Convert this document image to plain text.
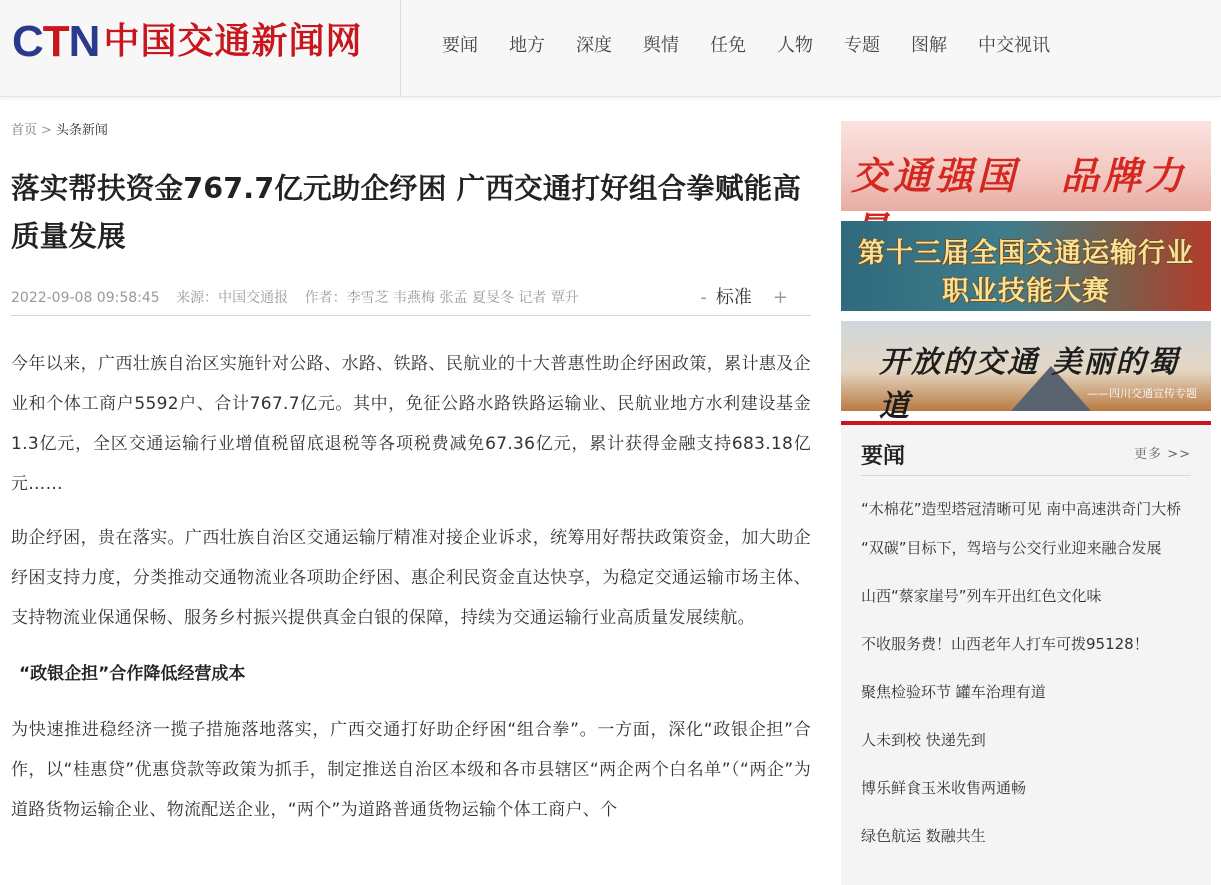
CTN 中国交通新闻网	要闻 地方 深度 舆情 任免 人物 专题 图解 中交视讯
首页 > 头条新闻
落实帮扶资金767.7亿元助企纾困 广西交通打好组合拳赋能高质量发展
2022-09-08 09:58:45 来源：中国交通报 作者：李雪芝 韦燕梅 张孟 夏旻冬 记者 覃升	- 标准 +

今年以来，广西壮族自治区实施针对公路、水路、铁路、民航业的十大普惠性助企纾困政策，累计惠及企业和个体工商户5592户、合计767.7亿元。其中，免征公路水路铁路运输业、民航业地方水利建设基金1.3亿元，全区交通运输行业增值税留底退税等各项税费减免67.36亿元，累计获得金融支持683.18亿元……

助企纾困，贵在落实。广西壮族自治区交通运输厅精准对接企业诉求，统筹用好帮扶政策资金，加大助企纾困支持力度，分类推动交通物流业各项助企纾困、惠企利民资金直达快享，为稳定交通运输市场主体、支持物流业保通保畅、服务乡村振兴提供真金白银的保障，持续为交通运输行业高质量发展续航。

“政银企担”合作降低经营成本

为快速推进稳经济一揽子措施落地落实，广西交通打好助企纾困“组合拳”。一方面，深化“政银企担”合作，以“桂惠贷”优惠贷款等政策为抓手，制定推送自治区本级和各市县辖区“两企两个白名单”（“两企”为道路货物运输企业、物流配送企业，“两个”为道路普通货物运输个体工商户、个

交通强国　品牌力
第十三届全国交通运输行业
职业技能大赛
开放的交通 美丽的蜀道	——四川交通宣传专题
要闻	更多 >>
“木棉花”造型塔冠清晰可见 南中高速洪奇门大桥
“双碳”目标下，驾培与公交行业迎来融合发展
山西“蔡家崖号”列车开出红色文化味
不收服务费！山西老年人打车可拨95128！
聚焦检验环节 罐车治理有道
人未到校 快递先到
博乐鲜食玉米收售两通畅
绿色航运 数融共生
